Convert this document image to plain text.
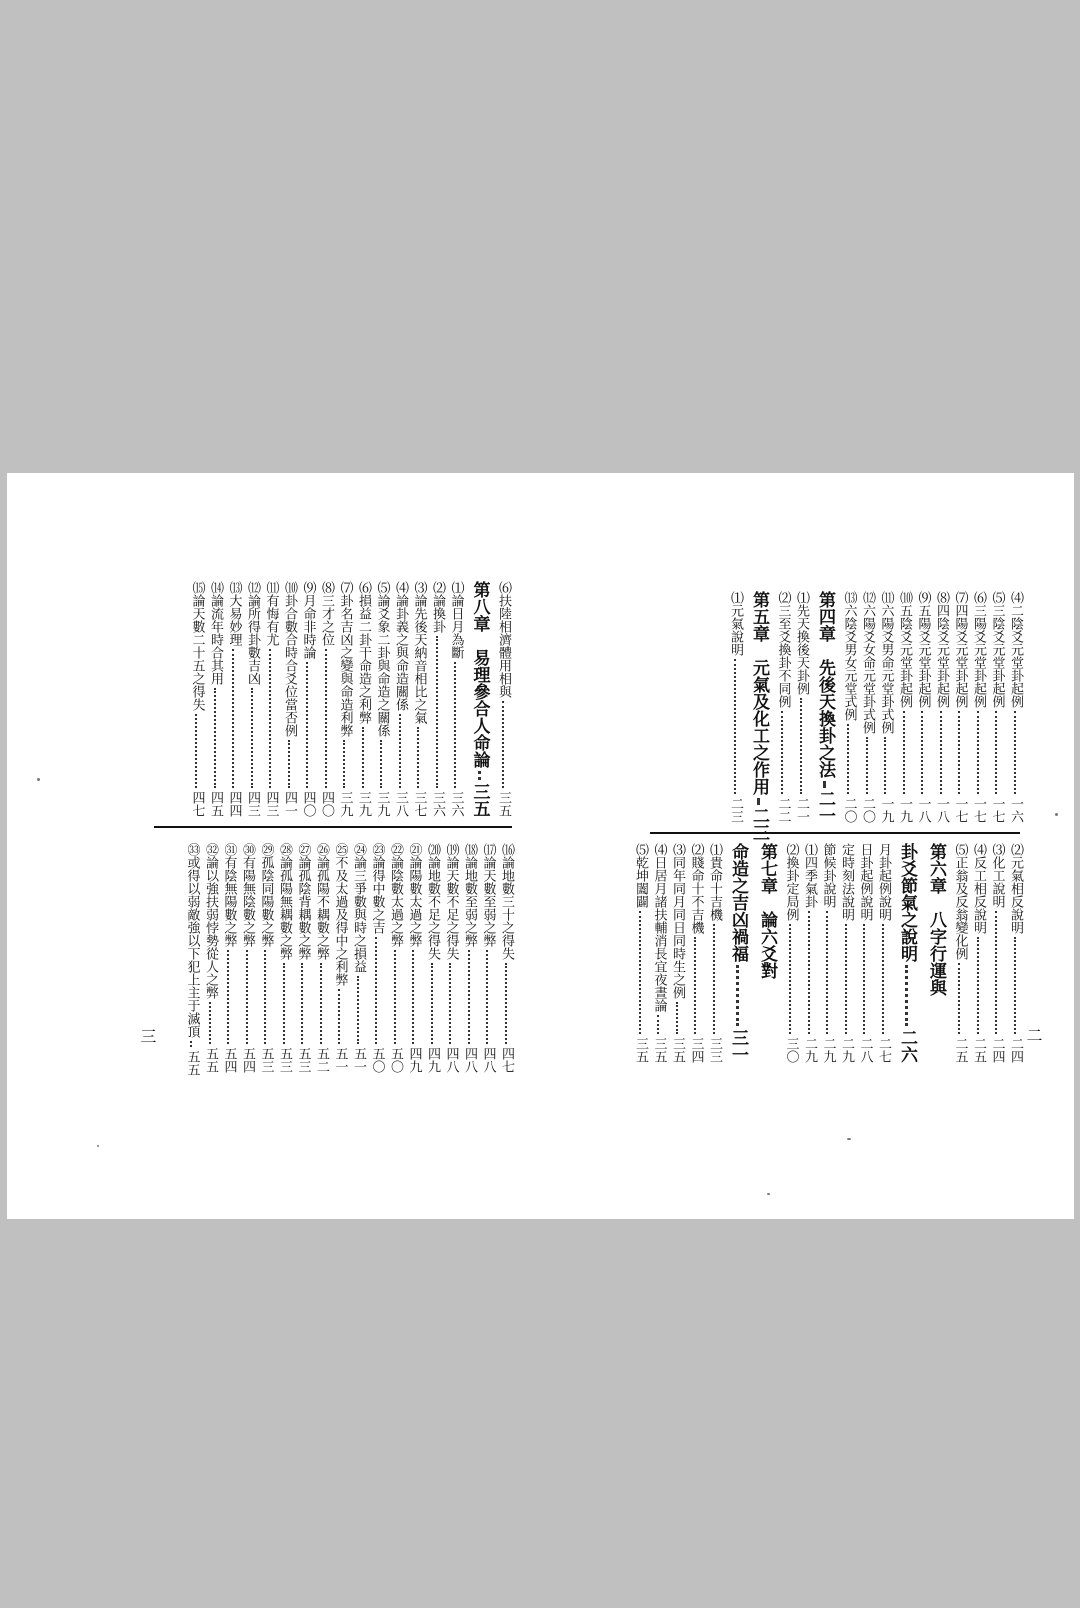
三	二
⑷二陰爻元堂卦起例
一六
⑸三陰爻元堂卦起例
一七
⑹三陽爻元堂卦起例
一七
⑺四陽爻元堂卦起例
一七
⑻四陰爻元堂卦起例
一八
⑼五陽爻元堂卦起例
一八
⑽五陰爻元堂卦起例
一九
⑾六陽爻男命元堂卦式例
一九
⑿六陽爻女命元堂卦式例
二〇
⒀六陰爻男女元堂式例
二〇
第四章　先後天換卦之法
二一
⑴先天換後天卦例
二一
⑵三至爻換卦不同例
二二
第五章　元氣及化工之作用
二三
⑴元氣說明
二三
⑵元氣相反說明
二四
⑶化工說明
二四
⑷反工相反說明
二五
⑸正翁及反翁變化例
二五
第六章　八字行運與
卦爻節氣之說明
二六
月卦起例說明
二七
日卦起例說明
二八
定時刻法說明
二九
節候卦說明
二九
⑴四季氣卦
二九
⑵換卦定局例
三〇
第七章　論六爻對
命造之吉凶禍福
三一
⑴貴命十吉機
三三
⑵賤命十不吉機
三四
⑶同年同月同日同時生之例
三五
⑷日居月諸扶輔消長宜夜晝論
三五
⑸乾坤闔闢
三五
⑹扶陸相濟體用相與
三五
第八章　易理參合人命論
三五
⑴論日月為斷
三六
⑵論換卦
三六
⑶論先後天納音相比之氣
三七
⑷論卦義之與命造關係
三八
⑸論爻象二卦與命造之關係
三九
⑹損益二卦干命造之利弊
三九
⑺卦名吉凶之變與命造利弊
三九
⑻三才之位
四〇
⑼月命非時論
四〇
⑽卦合數合時合爻位當否例
四一
⑾有悔有尤
四三
⑿論所得卦數吉凶
四三
⒀大易妙理
四四
⒁論流年時合其用
四五
⒂論天數二十五之得失
四七
⒃論地數三十之得失
四七
⒄論天數至弱之弊
四八
⒅論地數至弱之弊
四八
⒆論天數不足之得失
四八
⒇論地數不足之得失
四九
㉑論陽數太過之弊
四九
㉒論陰數太過之弊
五〇
㉓論得中數之吉
五〇
㉔論三爭數與時之損益
五一
㉕不及太過及得中之利弊
五一
㉖論孤陽不耦數之弊
五二
㉗論孤陰背耦數之弊
五三
㉘論孤陽無耦數之弊
五三
㉙孤陰同陽數之弊
五三
㉚有陽無陰數之弊
五四
㉛有陰無陽數之弊
五四
㉜論以強扶弱悖勢從人之弊
五五
㉝或得以弱敵強以下犯上主于滅頂
五五
